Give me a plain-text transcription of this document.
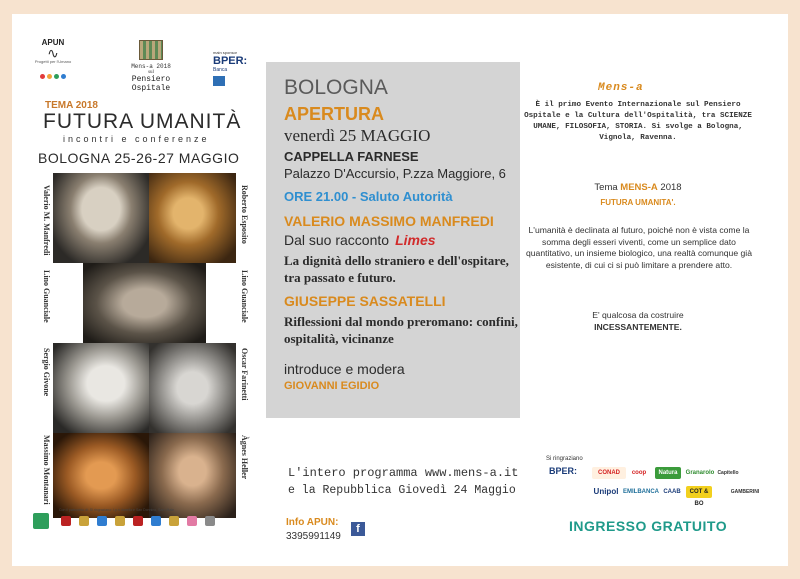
APUN
∿
Progetti per l'Umano
Mens-a 2018
sul
Pensiero Ospitale
main sponsor
BPER:
Banca
TEMA 2018
FUTURA UMANITÀ
incontri e conferenze
BOLOGNA 25-26-27 MAGGIO
Valerio M. Manfredi	Roberto Esposito
Lino Guanciale	Lino Guanciale
Sergio Givone	Oscar Farinetti
Massimo Montanari	Àgnes Heller
Con il patrocinio di: Si ringraziano: I.p.s Vanella e San Donnino, San Vitale
BOLOGNA
APERTURA
venerdì 25 MAGGIO
CAPPELLA FARNESE
Palazzo D'Accursio, P.zza Maggiore, 6
ORE 21.00 - Saluto Autorità
VALERIO MASSIMO MANFREDI
Dal suo racconto Limes
La dignità dello straniero e dell'ospitare, tra passato e futuro.
GIUSEPPE SASSATELLI
Riflessioni dal mondo preromano: confini, ospitalità, vicinanze
introduce e modera
GIOVANNI EGIDIO
Mens-a
È il primo Evento Internazionale sul Pensiero Ospitale e la Cultura dell'Ospitalità, tra SCIENZE UMANE, FILOSOFIA, STORIA. Si svolge a Bologna, Vignola, Ravenna.
Tema MENS-A 2018
FUTURA UMANITA'.
L'umanità è declinata al futuro, poiché non è vista come la somma degli esseri viventi, come un semplice dato quantitativo, un insieme biologico, una realtà comunque già esistente, di cui ci si può limitare a prendere atto.
E' qualcosa da costruire
INCESSANTEMENTE.
L'intero programma www.mens-a.it
e la Repubblica Giovedì 24 Maggio
Info APUN:
3395991149
f
Si ringraziano
BPER:	CONAD	coop	Natura	Granarolo Capitello
Unipol EMILBANCA CAAB	COT & BO
GAMBERINI
INGRESSO GRATUITO
